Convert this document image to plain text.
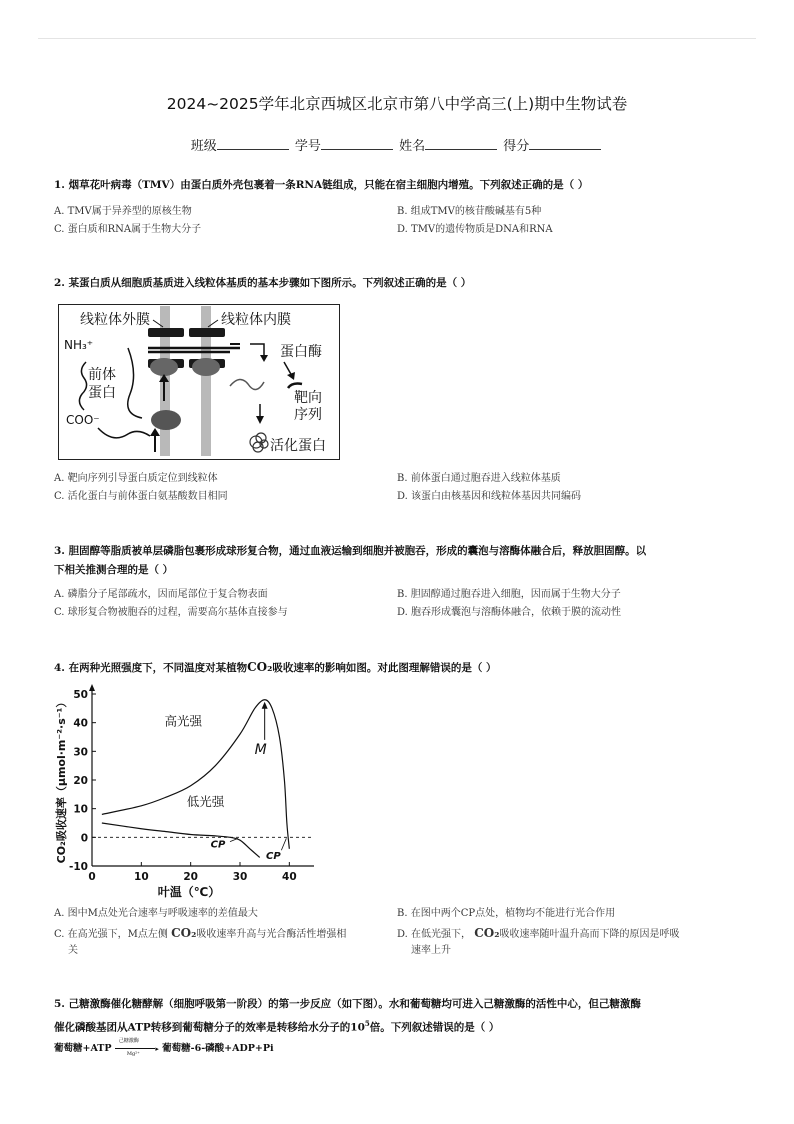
2024~2025学年北京西城区北京市第八中学高三(上)期中生物试卷
班级	学号	姓名	得分
1. 烟草花叶病毒（TMV）由蛋白质外壳包裹着一条RNA链组成，只能在宿主细胞内增殖。下列叙述正确的是（ ）
A. TMV属于异养型的原核生物	B. 组成TMV的核苷酸碱基有5种
C. 蛋白质和RNA属于生物大分子	D. TMV的遗传物质是DNA和RNA
2. 某蛋白质从细胞质基质进入线粒体基质的基本步骤如下图所示。下列叙述正确的是（ ）
线粒体外膜	线粒体内膜
NH₃⁺
前体
蛋白
COO⁻
蛋白酶
靶向
序列
活化蛋白
A. 靶向序列引导蛋白质定位到线粒体	B. 前体蛋白通过胞吞进入线粒体基质
C. 活化蛋白与前体蛋白氨基酸数目相同	D. 该蛋白由核基因和线粒体基因共同编码
3. 胆固醇等脂质被单层磷脂包裹形成球形复合物，通过血液运输到细胞并被胞吞，形成的囊泡与溶酶体融合后，释放胆固醇。以
下相关推测合理的是（ ）
A. 磷脂分子尾部疏水，因而尾部位于复合物表面	B. 胆固醇通过胞吞进入细胞，因而属于生物大分子
C. 球形复合物被胞吞的过程，需要高尔基体直接参与	D. 胞吞形成囊泡与溶酶体融合，依赖于膜的流动性
4. 在两种光照强度下，不同温度对某植物CO₂吸收速率的影响如图。对此图理解错误的是（ ）
-10
0
10
20
30
40
50
0	10	20	30	40
叶温（℃）
CO₂吸收速率（μmol·m⁻²·s⁻¹）	高光强
低光强
M
CP
CP
A. 图中M点处光合速率与呼吸速率的差值最大	B. 在图中两个CP点处，植物均不能进行光合作用
C. 在高光强下，M点左侧 CO₂吸收速率升高与光合酶活性增强相
关
D. 在低光强下， CO₂吸收速率随叶温升高而下降的原因是呼吸
速率上升
5. 己糖激酶催化糖酵解（细胞呼吸第一阶段）的第一步反应（如下图）。水和葡萄糖均可进入己糖激酶的活性中心，但己糖激酶
催化磷酸基团从ATP转移到葡萄糖分子的效率是转移给水分子的$10^5$倍。下列叙述错误的是（ ）
葡萄糖+ATP
己糖激酶
▸
Mg²⁺ 葡萄糖-6-磷酸+ADP+Pi
